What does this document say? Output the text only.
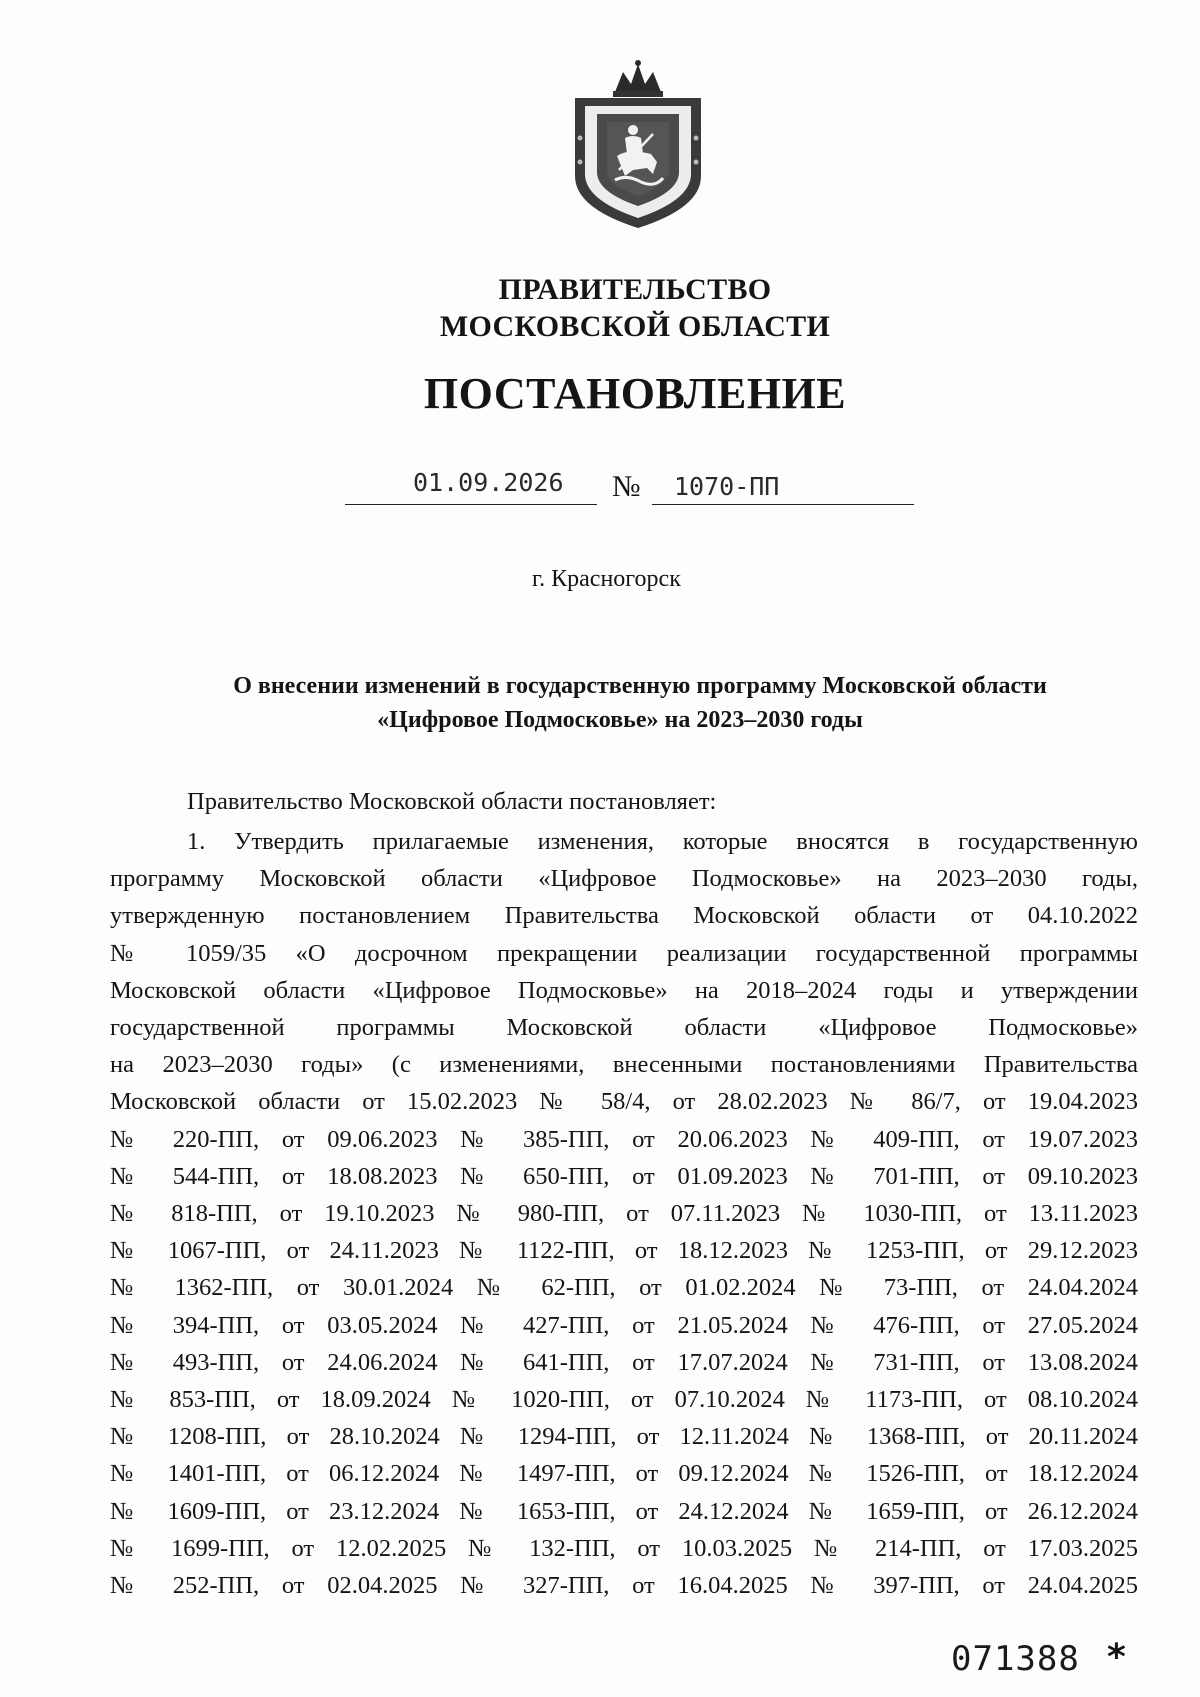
ПРАВИТЕЛЬСТВО
МОСКОВСКОЙ ОБЛАСТИ
ПОСТАНОВЛЕНИЕ
01.09.2026 № 1070-ПП
г. Красногорск
О внесении изменений в государственную программу Московской области
«Цифровое Подмосковье» на 2023–2030 годы
Правительство Московской области постановляет:
1. Утвердить прилагаемые изменения, которые вносятся в государственную
программу Московской области «Цифровое Подмосковье» на 2023–2030 годы,
утвержденную постановлением Правительства Московской области от 04.10.2022
№ 1059/35 «О досрочном прекращении реализации государственной программы
Московской области «Цифровое Подмосковье» на 2018–2024 годы и утверждении
государственной программы Московской области «Цифровое Подмосковье»
на 2023–2030 годы» (с изменениями, внесенными постановлениями Правительства
Московской области от 15.02.2023 № 58/4, от 28.02.2023 № 86/7, от 19.04.2023
№ 220-ПП, от 09.06.2023 № 385-ПП, от 20.06.2023 № 409-ПП, от 19.07.2023
№ 544-ПП, от 18.08.2023 № 650-ПП, от 01.09.2023 № 701-ПП, от 09.10.2023
№ 818-ПП, от 19.10.2023 № 980-ПП, от 07.11.2023 № 1030-ПП, от 13.11.2023
№ 1067-ПП, от 24.11.2023 № 1122-ПП, от 18.12.2023 № 1253-ПП, от 29.12.2023
№ 1362-ПП, от 30.01.2024 № 62-ПП, от 01.02.2024 № 73-ПП, от 24.04.2024
№ 394-ПП, от 03.05.2024 № 427-ПП, от 21.05.2024 № 476-ПП, от 27.05.2024
№ 493-ПП, от 24.06.2024 № 641-ПП, от 17.07.2024 № 731-ПП, от 13.08.2024
№ 853-ПП, от 18.09.2024 № 1020-ПП, от 07.10.2024 № 1173-ПП, от 08.10.2024
№ 1208-ПП, от 28.10.2024 № 1294-ПП, от 12.11.2024 № 1368-ПП, от 20.11.2024
№ 1401-ПП, от 06.12.2024 № 1497-ПП, от 09.12.2024 № 1526-ПП, от 18.12.2024
№ 1609-ПП, от 23.12.2024 № 1653-ПП, от 24.12.2024 № 1659-ПП, от 26.12.2024
№ 1699-ПП, от 12.02.2025 № 132-ПП, от 10.03.2025 № 214-ПП, от 17.03.2025
№ 252-ПП, от 02.04.2025 № 327-ПП, от 16.04.2025 № 397-ПП, от 24.04.2025
071388 *
